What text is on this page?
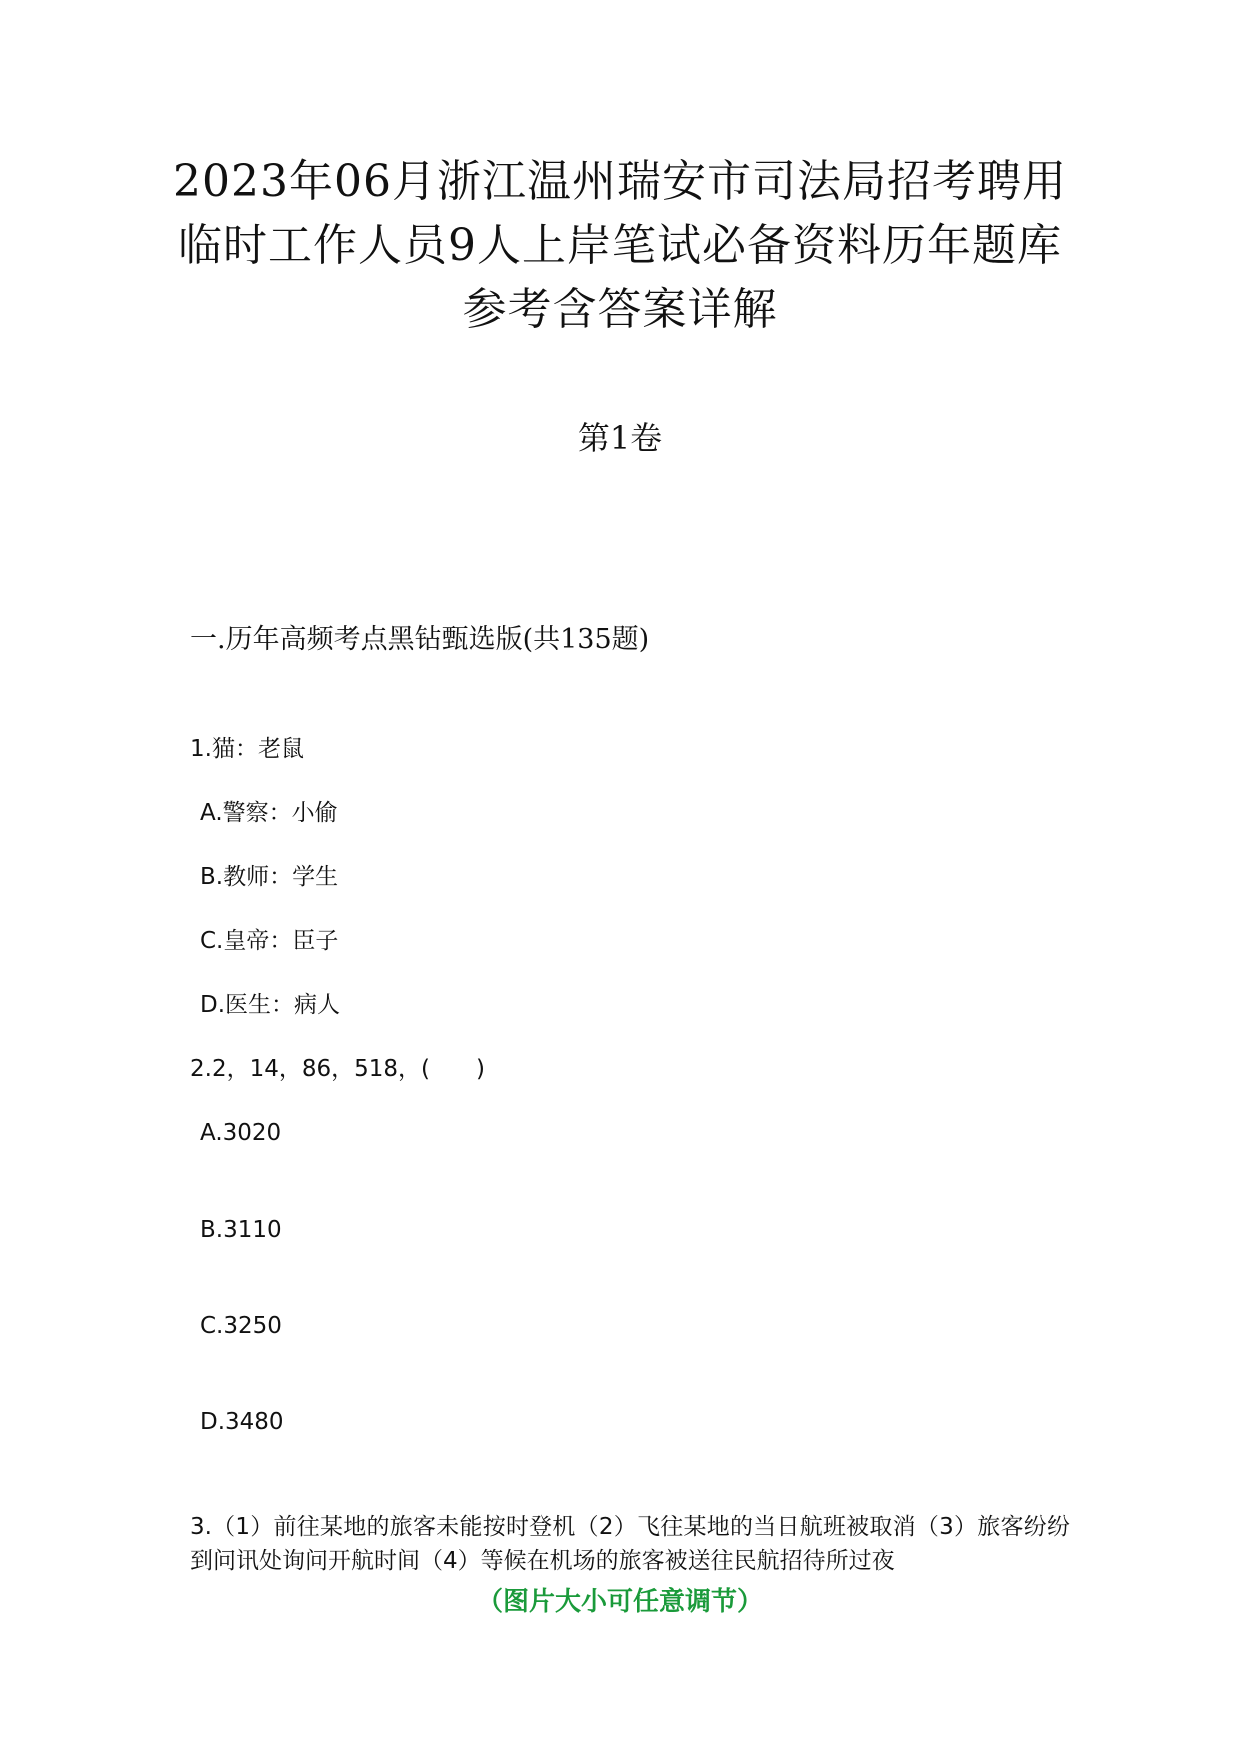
2023年06月浙江温州瑞安市司法局招考聘用临时工作人员9人上岸笔试必备资料历年题库参考含答案详解
第1卷
一.历年高频考点黑钻甄选版(共135题)
1.猫：老鼠
A.警察：小偷
B.教师：学生
C.皇帝：臣子
D.医生：病人
2.2，14，86，518，(　　)
A.3020
B.3110
C.3250
D.3480
3.（1）前往某地的旅客未能按时登机（2）飞往某地的当日航班被取消（3）旅客纷纷到问讯处询问开航时间（4）等候在机场的旅客被送往民航招待所过夜
（图片大小可任意调节）
